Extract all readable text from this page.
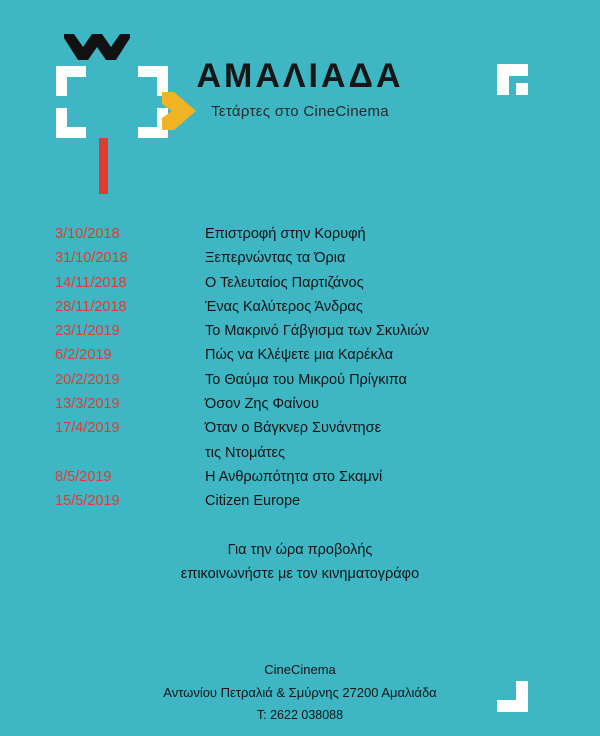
ΑΜΑΛΙΑΔΑ

Τετάρτες στο CineCinema

3/10/2018	Επιστροφή στην Κορυφή
31/10/2018	Ξεπερνώντας τα Όρια
14/11/2018	Ο Τελευταίος Παρτιζάνος
28/11/2018	Ένας Καλύτερος Άνδρας
23/1/2019	Το Μακρινό Γάβγισμα των Σκυλιών
6/2/2019	Πώς να Κλέψετε μια Καρέκλα
20/2/2019	Το Θαύμα του Μικρού Πρίγκιπα
13/3/2019	Όσον Ζης Φαίνου
17/4/2019	Όταν ο Βάγκνερ Συνάντησε
τις Ντομάτες
8/5/2019	Η Ανθρωπότητα στο Σκαμνί
15/5/2019	Citizen Europe
Για την ώρα προβολής
επικοινωνήστε με τον κινηματογράφο
CineCinema
Αντωνίου Πετραλιά & Σμύρνης 27200 Αμαλιάδα
Τ: 2622 038088
